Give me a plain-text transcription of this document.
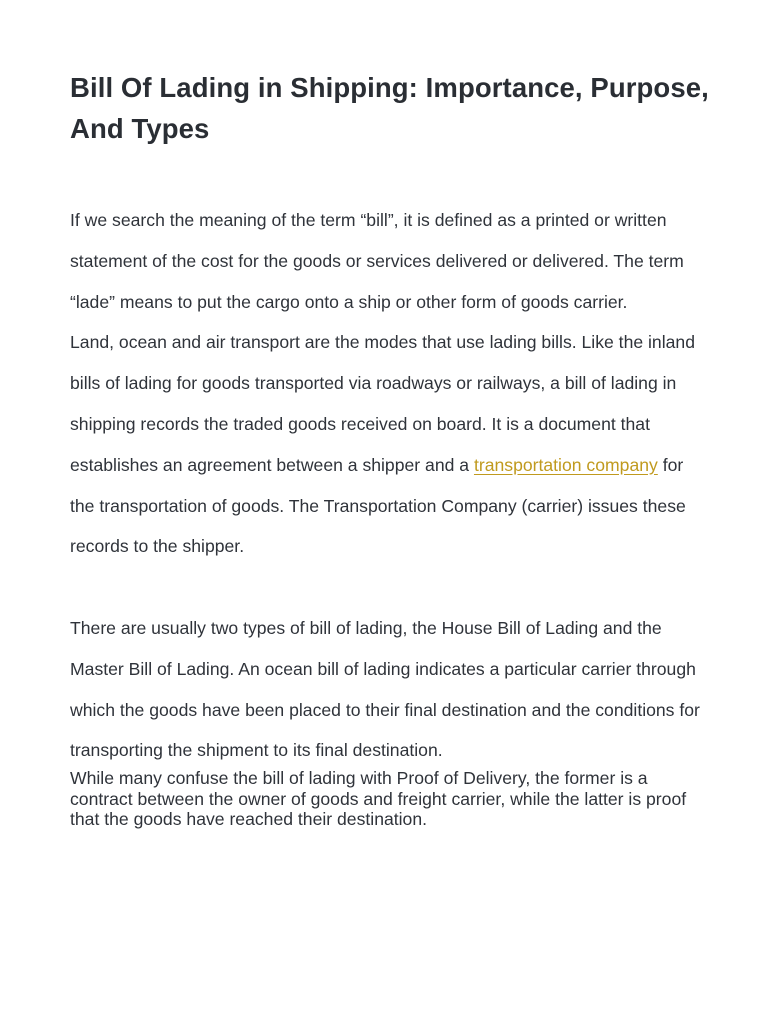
Bill Of Lading in Shipping: Importance, Purpose, And Types

If we search the meaning of the term “bill”, it is defined as a printed or written statement of the cost for the goods or services delivered or delivered. The term “lade” means to put the cargo onto a ship or other form of goods carrier.

Land, ocean and air transport are the modes that use lading bills. Like the inland bills of lading for goods transported via roadways or railways, a bill of lading in shipping records the traded goods received on board. It is a document that establishes an agreement between a shipper and a transportation company for the transportation of goods. The Transportation Company (carrier) issues these records to the shipper.

There are usually two types of bill of lading, the House Bill of Lading and the Master Bill of Lading. An ocean bill of lading indicates a particular carrier through which the goods have been placed to their final destination and the conditions for transporting the shipment to its final destination.

While many confuse the bill of lading with Proof of Delivery, the former is a contract between the owner of goods and freight carrier, while the latter is proof that the goods have reached their destination.
